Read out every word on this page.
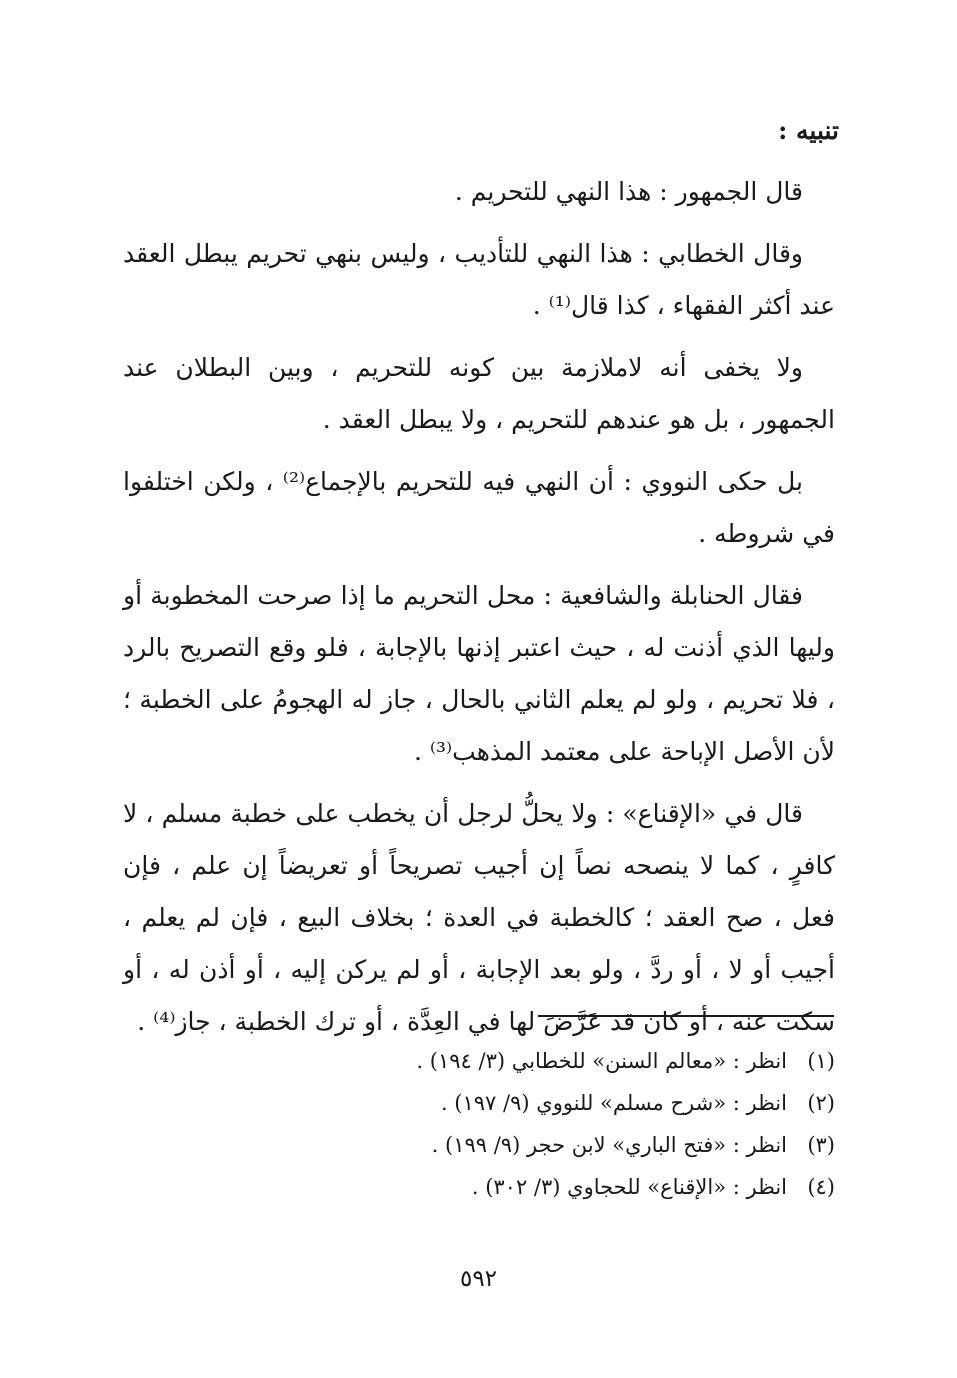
تنبيه :

قال الجمهور : هذا النهي للتحريم .

وقال الخطابي : هذا النهي للتأديب ، وليس بنهي تحريم يبطل العقد عند أكثر الفقهاء ، كذا قال⁽¹⁾ .

ولا يخفى أنه لاملازمة بين كونه للتحريم ، وبين البطلان عند الجمهور ، بل هو عندهم للتحريم ، ولا يبطل العقد .

بل حكى النووي : أن النهي فيه للتحريم بالإجماع⁽²⁾ ، ولكن اختلفوا في شروطه .

فقال الحنابلة والشافعية : محل التحريم ما إذا صرحت المخطوبة أو وليها الذي أذنت له ، حيث اعتبر إذنها بالإجابة ، فلو وقع التصريح بالرد ، فلا تحريم ، ولو لم يعلم الثاني بالحال ، جاز له الهجومُ على الخطبة ؛ لأن الأصل الإباحة على معتمد المذهب⁽³⁾ .

قال في «الإقناع» : ولا يحلُّ لرجل أن يخطب على خطبة مسلم ، لا كافرٍ ، كما لا ينصحه نصاً إن أجيب تصريحاً أو تعريضاً إن علم ، فإن فعل ، صح العقد ؛ كالخطبة في العدة ؛ بخلاف البيع ، فإن لم يعلم ، أجيب أو لا ، أو ردَّ ، ولو بعد الإجابة ، أو لم يركن إليه ، أو أذن له ، أو سكت عنه ، أو كان قد عَرَّضَ لها في العِدَّة ، أو ترك الخطبة ، جاز⁽⁴⁾ .

(١)
انظر : «معالم السنن» للخطابي (٣/ ١٩٤) .
(٢)
انظر : «شرح مسلم» للنووي (٩/ ١٩٧) .
(٣)
انظر : «فتح الباري» لابن حجر (٩/ ١٩٩) .
(٤)
انظر : «الإقناع» للحجاوي (٣/ ٣٠٢) .
٥٩٢
